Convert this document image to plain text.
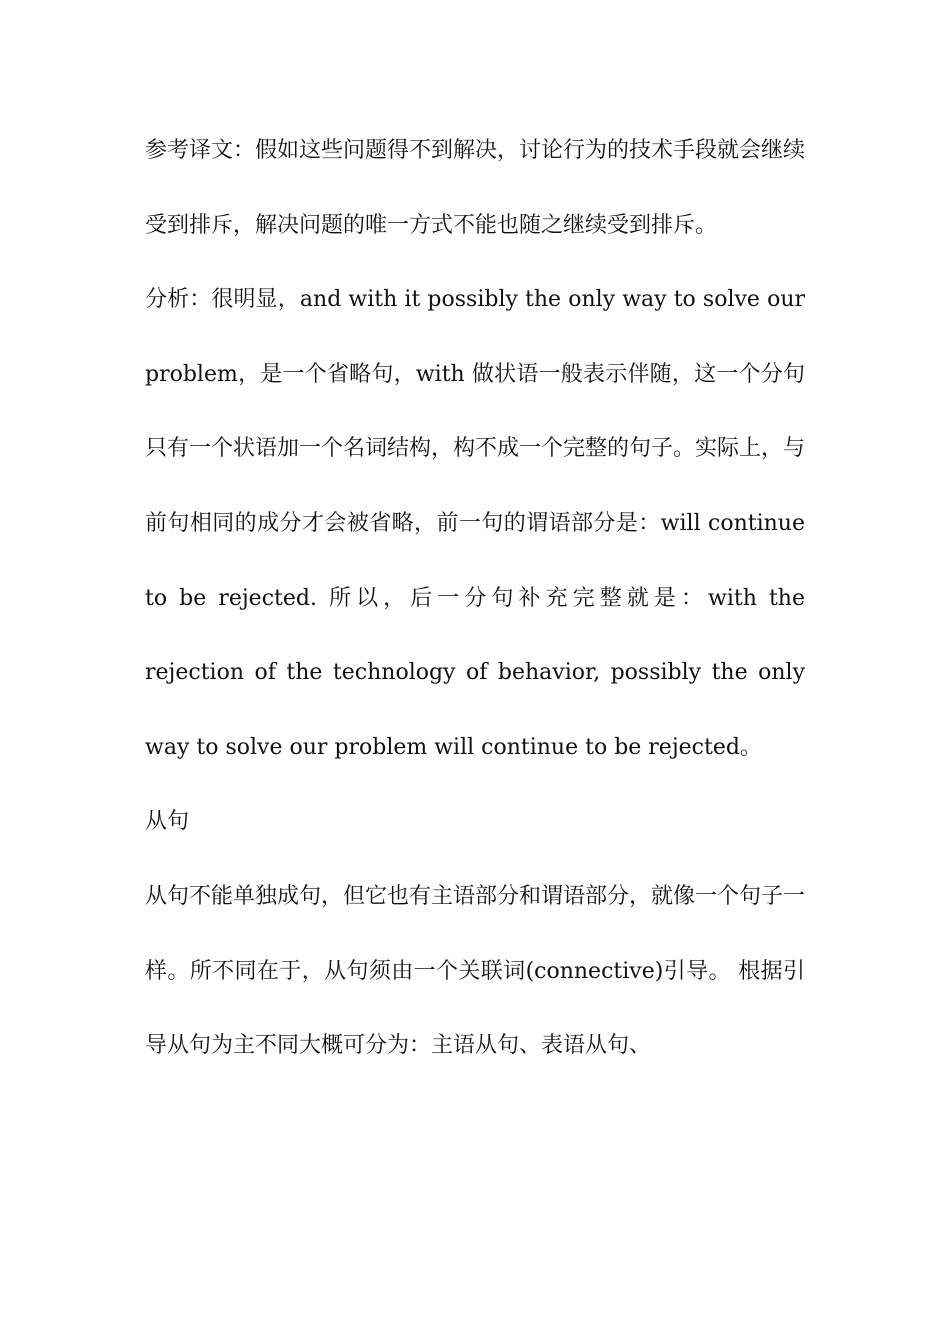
参考译文：假如这些问题得不到解决，讨论行为的技术手段就会继续受到排斥，解决问题的唯一方式不能也随之继续受到排斥。

分析：很明显，and with it possibly the only way to solve our problem，是一个省略句，with 做状语一般表示伴随，这一个分句只有一个状语加一个名词结构，构不成一个完整的句子。实际上，与前句相同的成分才会被省略，前一句的谓语部分是：will continue to be rejected. 所以，后一分句补充完整就是：with the rejection of the technology of behavior, possibly the only way to solve our problem will continue to be rejected。

从句

从句不能单独成句，但它也有主语部分和谓语部分，就像一个句子一样。所不同在于，从句须由一个关联词(connective)引导。 根据引导从句为主不同大概可分为：主语从句、表语从句、
